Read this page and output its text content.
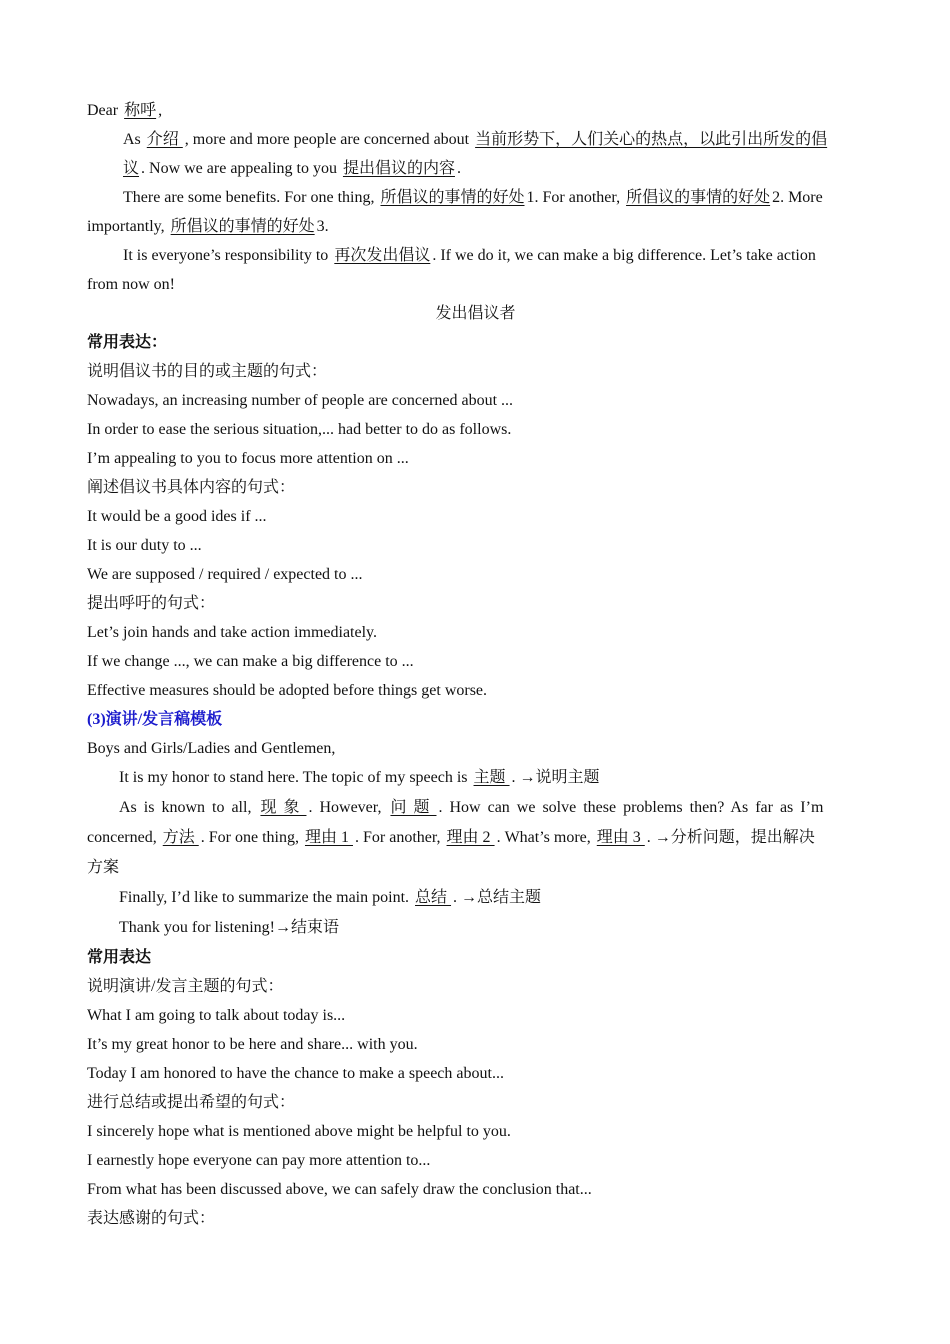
Dear 称呼 ,

As 介绍 , more and more people are concerned about 当前形势下，人们关心的热点，以此引出所发的倡

议 . Now we are appealing to you 提出倡议的内容 .

There are some benefits. For one thing, 所倡议的事情的好处 1. For another, 所倡议的事情的好处 2. More

importantly, 所倡议的事情的好处 3.

It is everyone’s responsibility to 再次发出倡议 . If we do it, we can make a big difference. Let’s take action

from now on!

发出倡议者

常用表达：

说明倡议书的目的或主题的句式：

Nowadays, an increasing number of people are concerned about ...

In order to ease the serious situation,... had better to do as follows.

I’m appealing to you to focus more attention on ...

阐述倡议书具体内容的句式：

It would be a good ides if ...

It is our duty to ...

We are supposed / required / expected to ...

提出呼吁的句式：

Let’s join hands and take action immediately.

If we change ..., we can make a big difference to ...

Effective measures should be adopted before things get worse.

(3)演讲/发言稿模板

Boys and Girls/Ladies and Gentlemen,

It is my honor to stand here. The topic of my speech is 主题 . →说明主题

As is known to all, 现 象 . However, 问 题 . How can we solve these problems then? As far as I’m

concerned, 方法 . For one thing, 理由 1 . For another, 理由 2 . What’s more, 理由 3 . →分析问题，提出解决

方案

Finally, I’d like to summarize the main point. 总结 . →总结主题

Thank you for listening!→结束语

常用表达

说明演讲/发言主题的句式：

What I am going to talk about today is...

It’s my great honor to be here and share... with you.

Today I am honored to have the chance to make a speech about...

进行总结或提出希望的句式：

I sincerely hope what is mentioned above might be helpful to you.

I earnestly hope everyone can pay more attention to...

From what has been discussed above, we can safely draw the conclusion that...

表达感谢的句式：
